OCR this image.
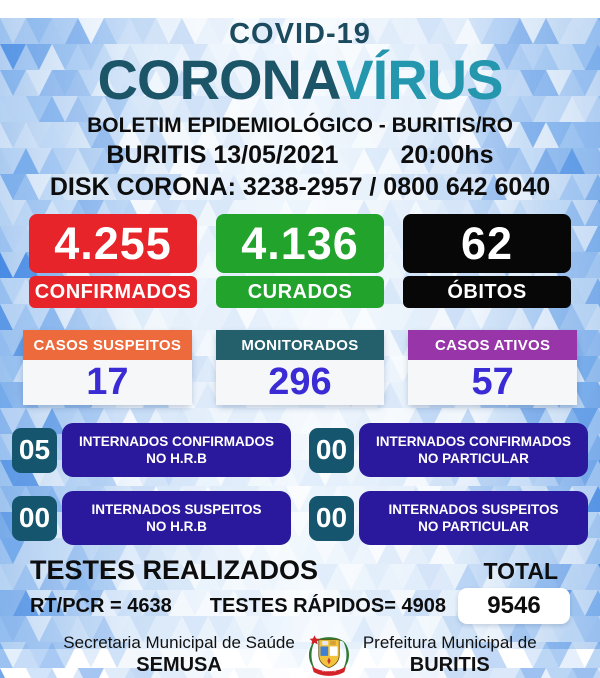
COVID-19
CORONAVÍRUS
BOLETIM EPIDEMIOLÓGICO - BURITIS/RO
BURITIS 13/05/2021 20:00hs
DISK CORONA: 3238-2957 / 0800 642 6040
4.255
CONFIRMADOS
4.136
CURADOS
62
ÓBITOS
CASOS SUSPEITOS
17
MONITORADOS
296
CASOS ATIVOS
57
05	INTERNADOS CONFIRMADOS
NO H.R.B	00	INTERNADOS CONFIRMADOS
NO PARTICULAR
00	INTERNADOS SUSPEITOS
NO H.R.B	00	INTERNADOS SUSPEITOS
NO PARTICULAR
TESTES REALIZADOS	TOTAL
RT/PCR = 4638 TESTES RÁPIDOS= 4908	9546
Secretaria Municipal de Saúde
SEMUSA	BURITIS
Prefeitura Municipal de
BURITIS
